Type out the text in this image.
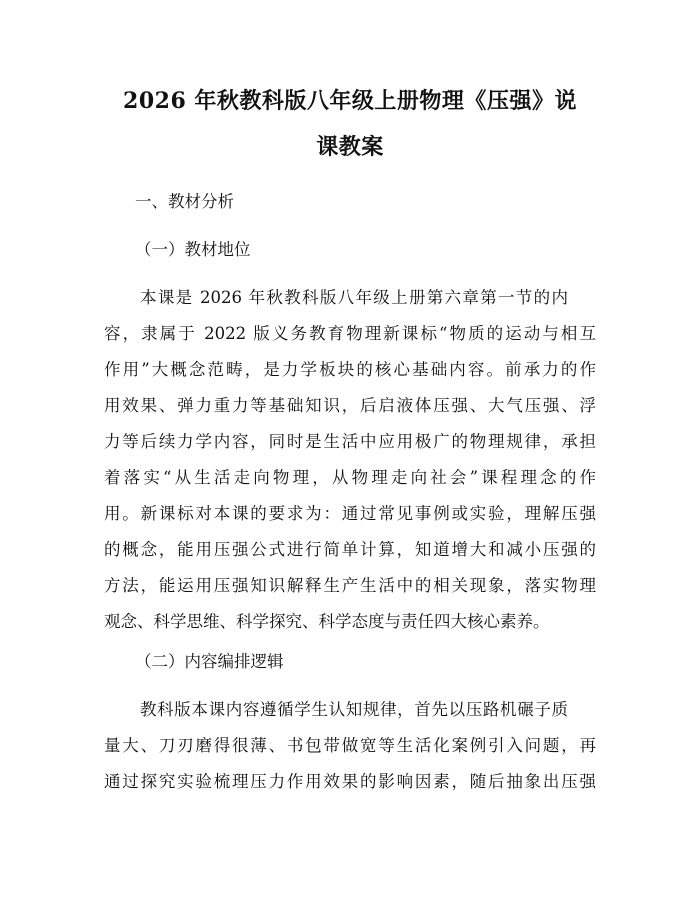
2026 年秋教科版八年级上册物理《压强》说
课教案

一、教材分析

（一）教材地位

本课是 2026 年秋教科版八年级上册第六章第一节的内

容，隶属于 2022 版义务教育物理新课标“物质的运动与相互

作用”大概念范畴，是力学板块的核心基础内容。前承力的作

用效果、弹力重力等基础知识，后启液体压强、大气压强、浮

力等后续力学内容，同时是生活中应用极广的物理规律，承担

着落实“从生活走向物理，从物理走向社会”课程理念的作

用。新课标对本课的要求为：通过常见事例或实验，理解压强

的概念，能用压强公式进行简单计算，知道增大和减小压强的

方法，能运用压强知识解释生产生活中的相关现象，落实物理

观念、科学思维、科学探究、科学态度与责任四大核心素养。

（二）内容编排逻辑

教科版本课内容遵循学生认知规律，首先以压路机碾子质

量大、刀刃磨得很薄、书包带做宽等生活化案例引入问题，再

通过探究实验梳理压力作用效果的影响因素，随后抽象出压强
